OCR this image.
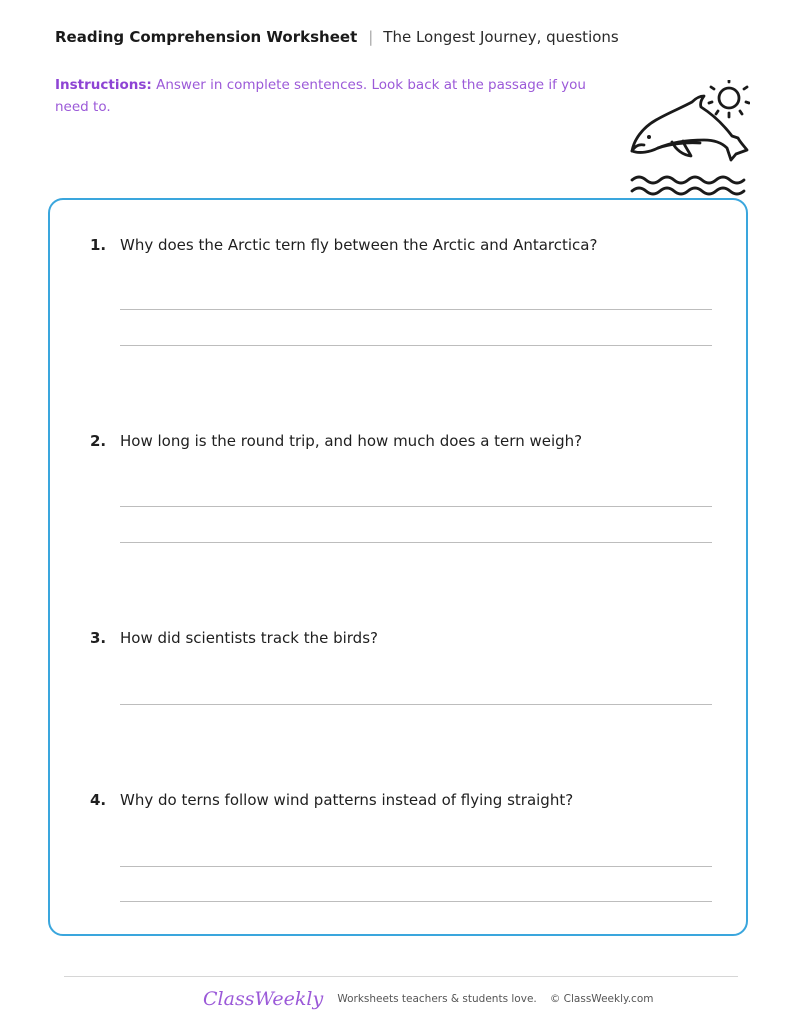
Reading Comprehension Worksheet | The Longest Journey, questions
Instructions: Answer in complete sentences. Look back at the passage if you need to.
1. Why does the Arctic tern fly between the Arctic and Antarctica?
2. How long is the round trip, and how much does a tern weigh?
3. How did scientists track the birds?
4. Why do terns follow wind patterns instead of flying straight?
ClassWeekly Worksheets teachers & students love. © ClassWeekly.com
